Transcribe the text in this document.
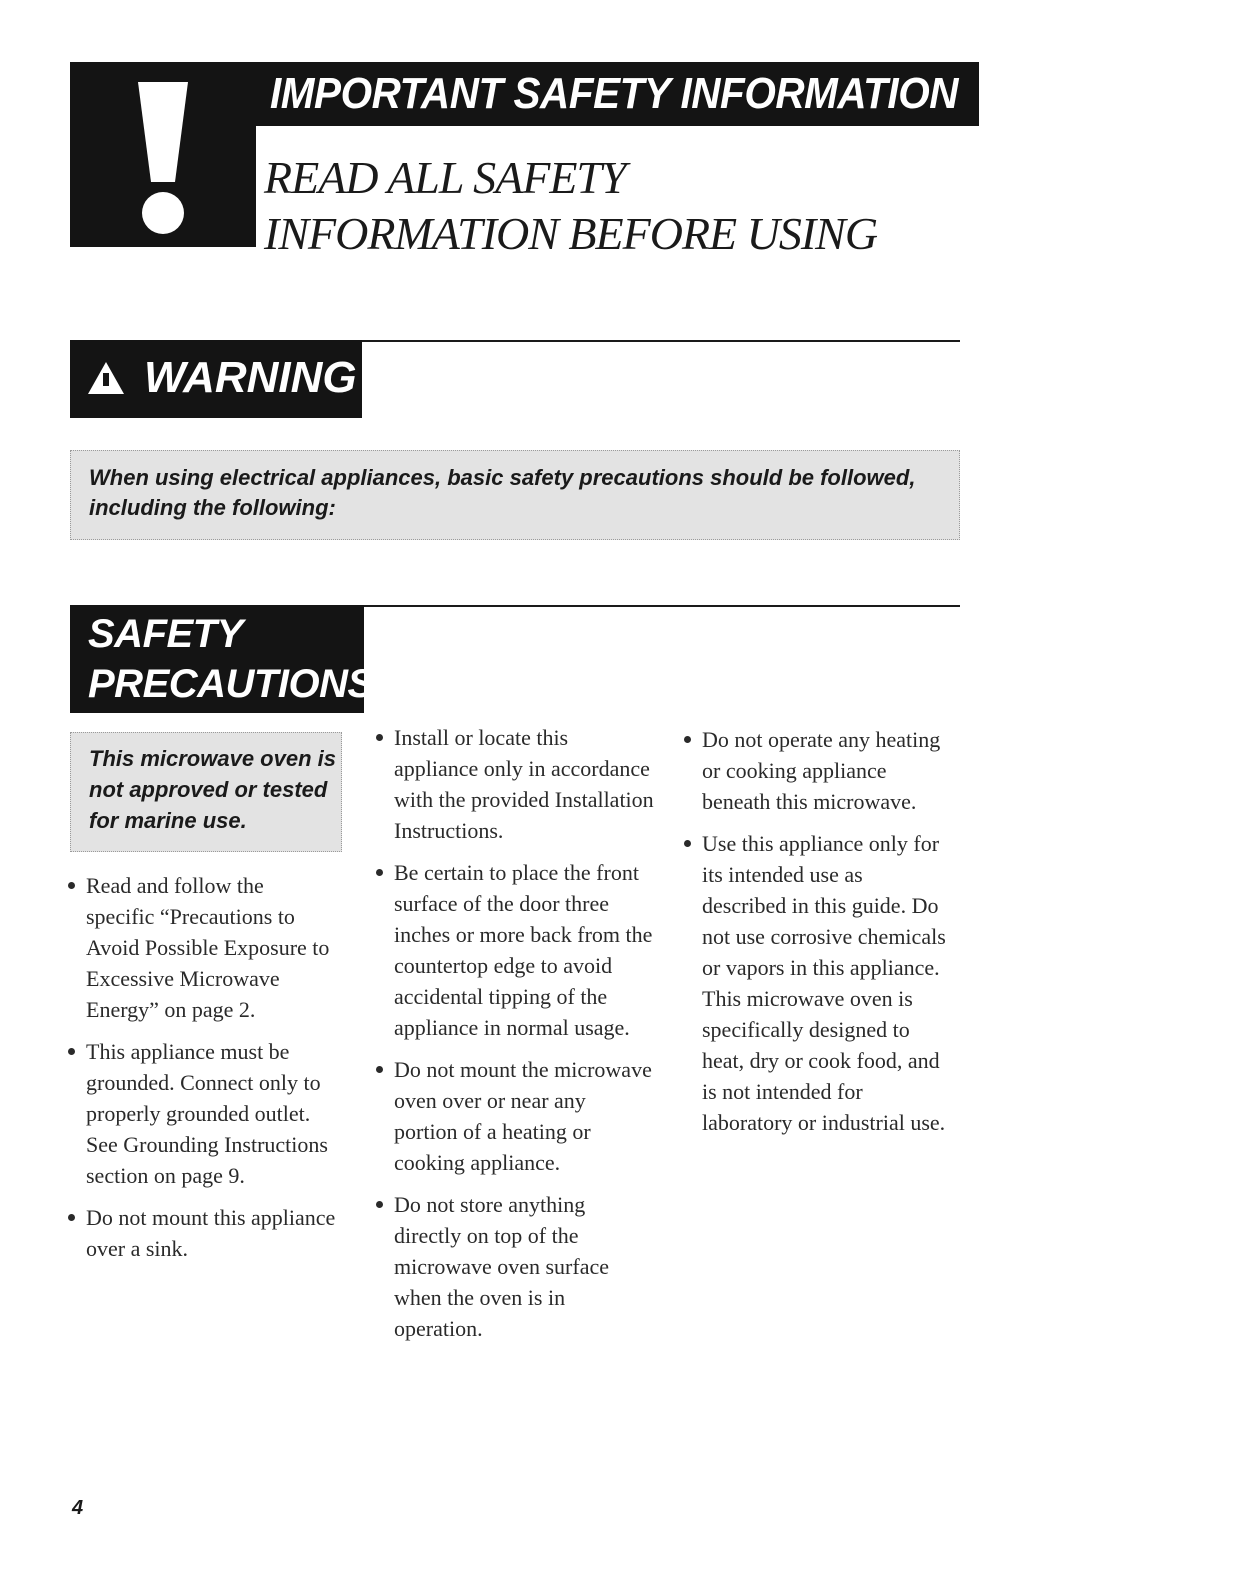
IMPORTANT SAFETY INFORMATION
READ ALL SAFETY
INFORMATION BEFORE USING
WARNING
When using electrical appliances, basic safety precautions should be followed, including the following:
SAFETY
PRECAUTIONS
This microwave oven is
not approved or tested
for marine use.
Read and follow the specific “Precautions to Avoid Possible Exposure to Excessive Microwave Energy” on page 2.
This appliance must be grounded. Connect only to properly grounded outlet. See Grounding Instructions section on page 9.
Do not mount this appliance over a sink.
Install or locate this appliance only in accordance with the provided Installation Instructions.
Be certain to place the front surface of the door three inches or more back from the countertop edge to avoid accidental tipping of the appliance in normal usage.
Do not mount the microwave oven over or near any portion of a heating or cooking appliance.
Do not store anything directly on top of the microwave oven surface when the oven is in operation.
Do not operate any heating or cooking appliance beneath this microwave.
Use this appliance only for its intended use as described in this guide. Do not use corrosive chemicals or vapors in this appliance. This microwave oven is specifically designed to heat, dry or cook food, and is not intended for laboratory or industrial use.
4
